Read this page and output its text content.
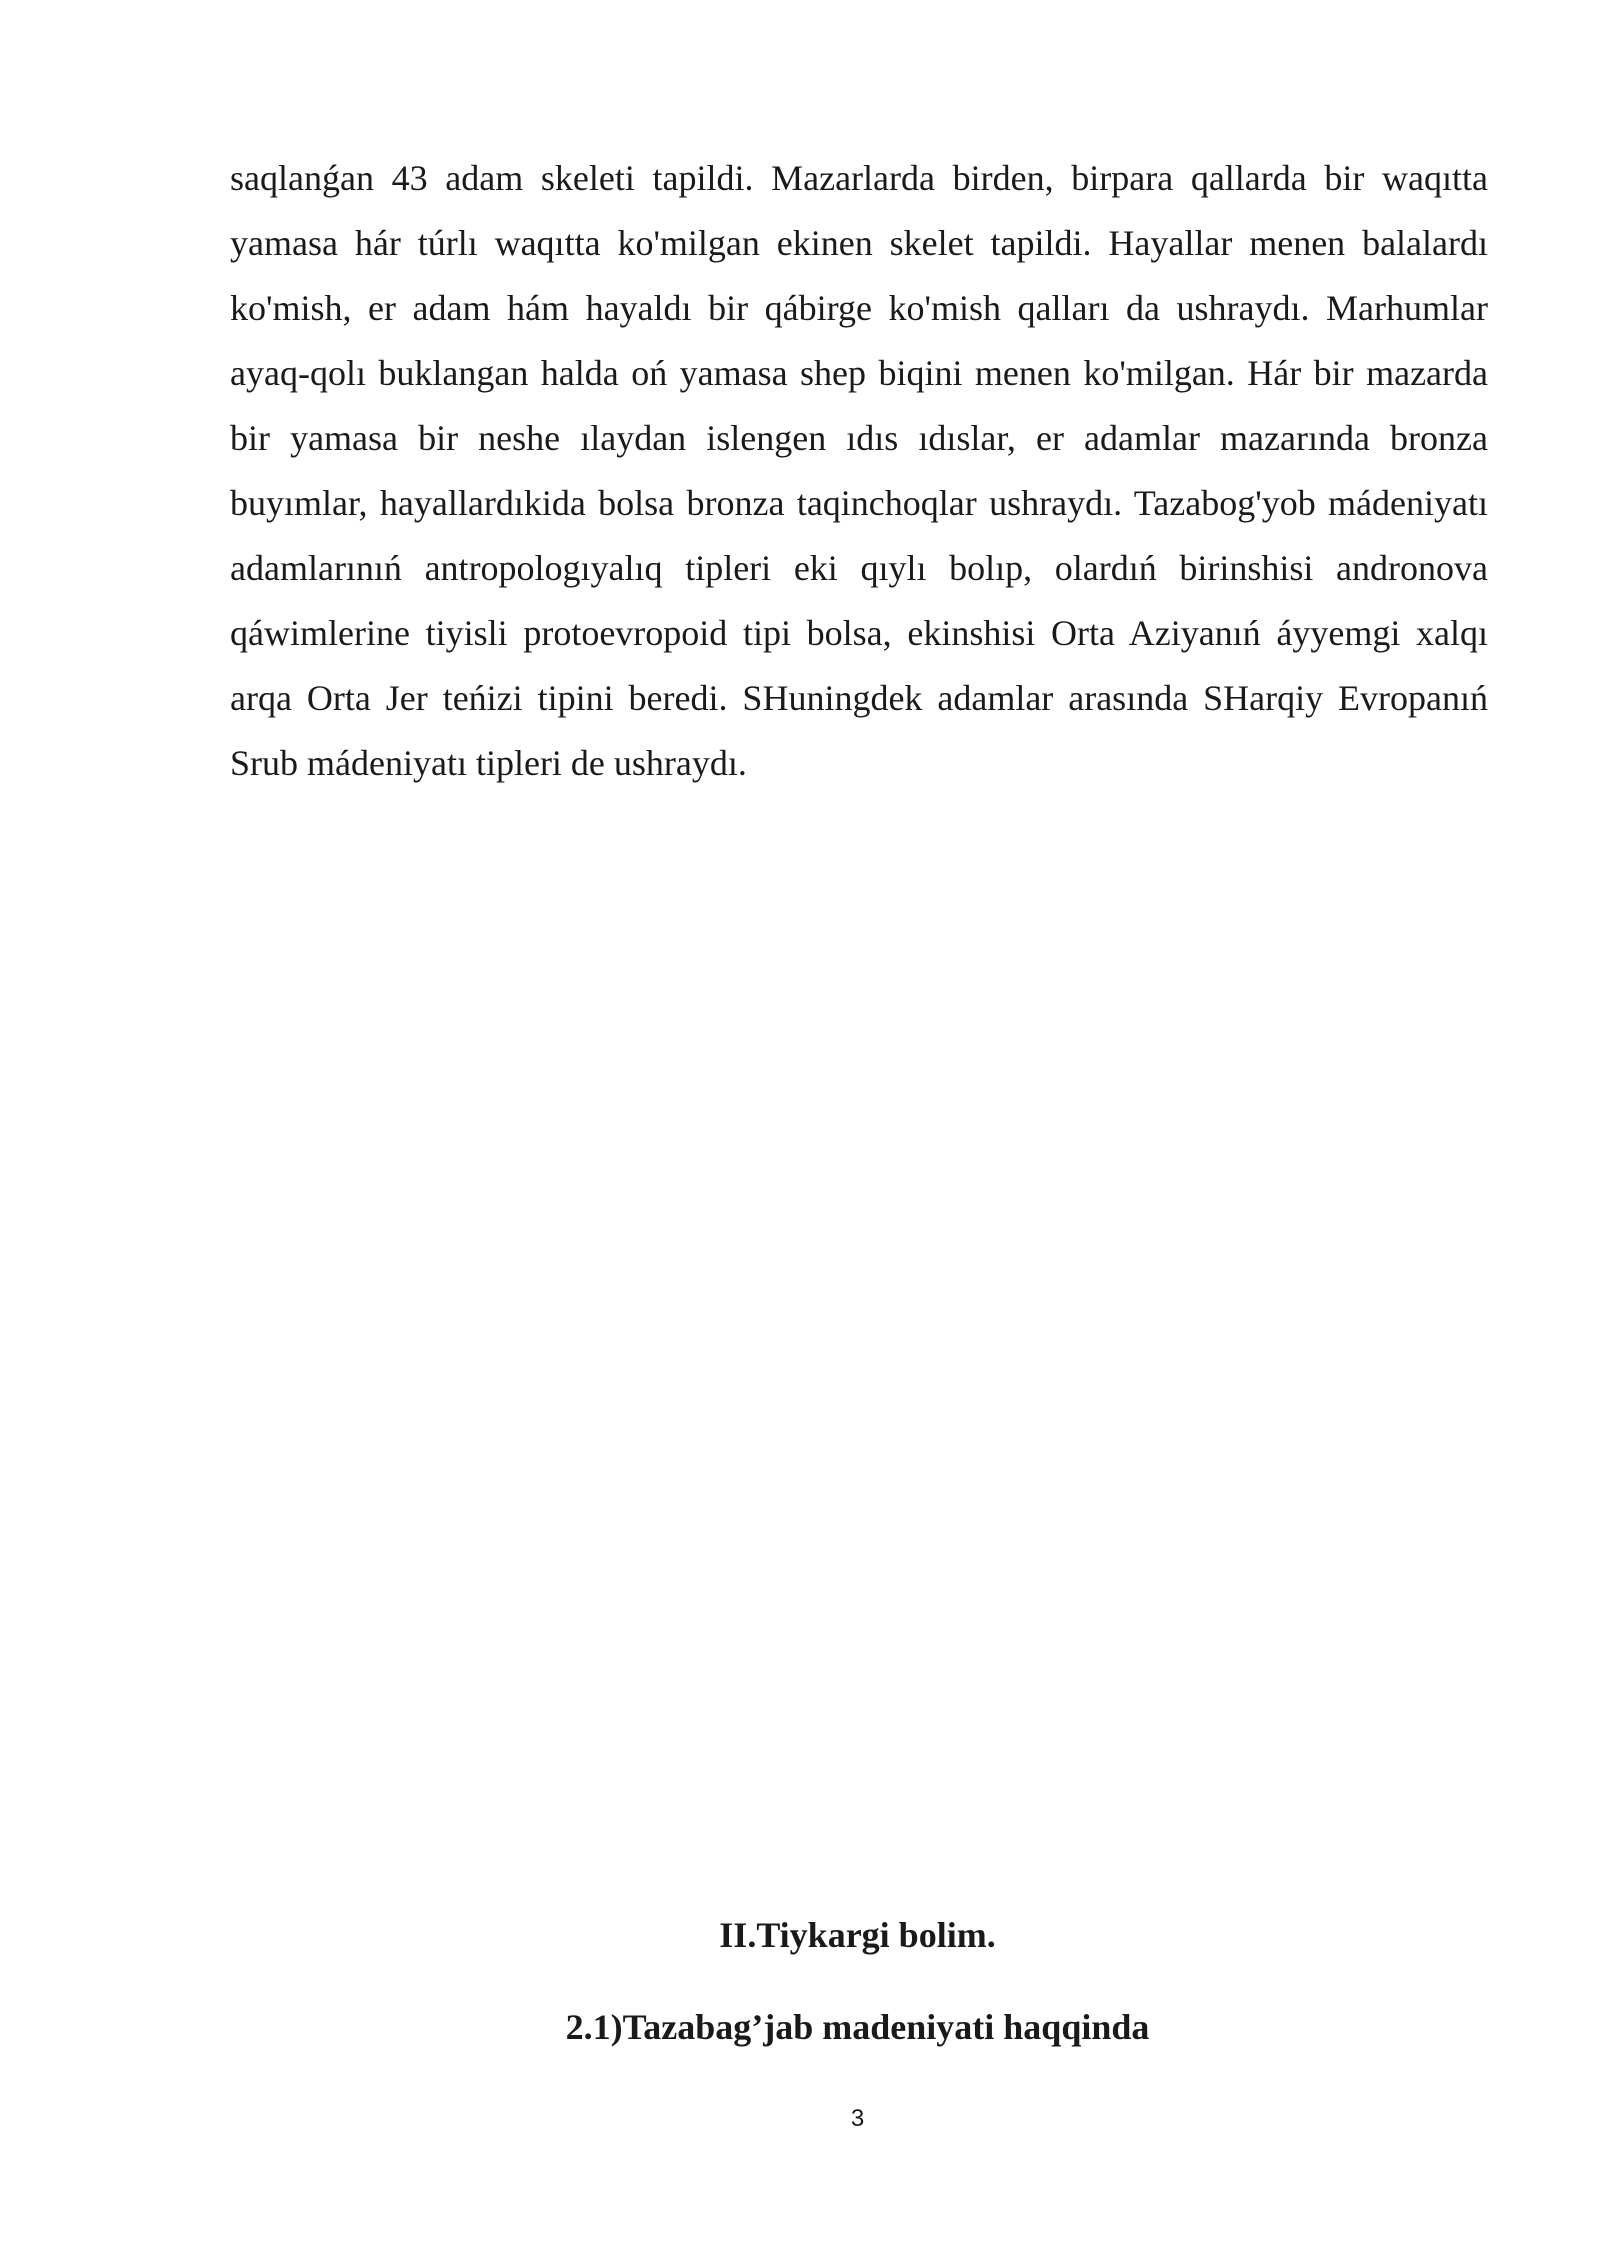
saqlanǵan 43 adam skeleti tapildi. Mazarlarda birden, birpara qallarda bir waqıtta yamasa hár túrlı waqıtta ko'milgan ekinen skelet tapildi. Hayallar menen balalardı ko'mish, er adam hám hayaldı bir qábirge ko'mish qalları da ushraydı. Marhumlar ayaq-qolı buklangan halda oń yamasa shep biqini menen ko'milgan. Hár bir mazarda bir yamasa bir neshe ılaydan islengen ıdıs ıdıslar, er adamlar mazarında bronza buyımlar, hayallardıkida bolsa bronza taqinchoqlar ushraydı. Tazabog'yob mádeniyatı adamlarınıń antropologıyalıq tipleri eki qıylı bolıp, olardıń birinshisi andronova qáwimlerine tiyisli protoevropoid tipi bolsa, ekinshisi Orta Aziyanıń áyyemgi xalqı arqa Orta Jer teńizi tipini beredi. SHuningdek adamlar arasında SHarqiy Evropanıń Srub mádeniyatı tipleri de ushraydı.

II.Tiykargi bolim.
2.1)Tazabag’jab madeniyati haqqinda
3
